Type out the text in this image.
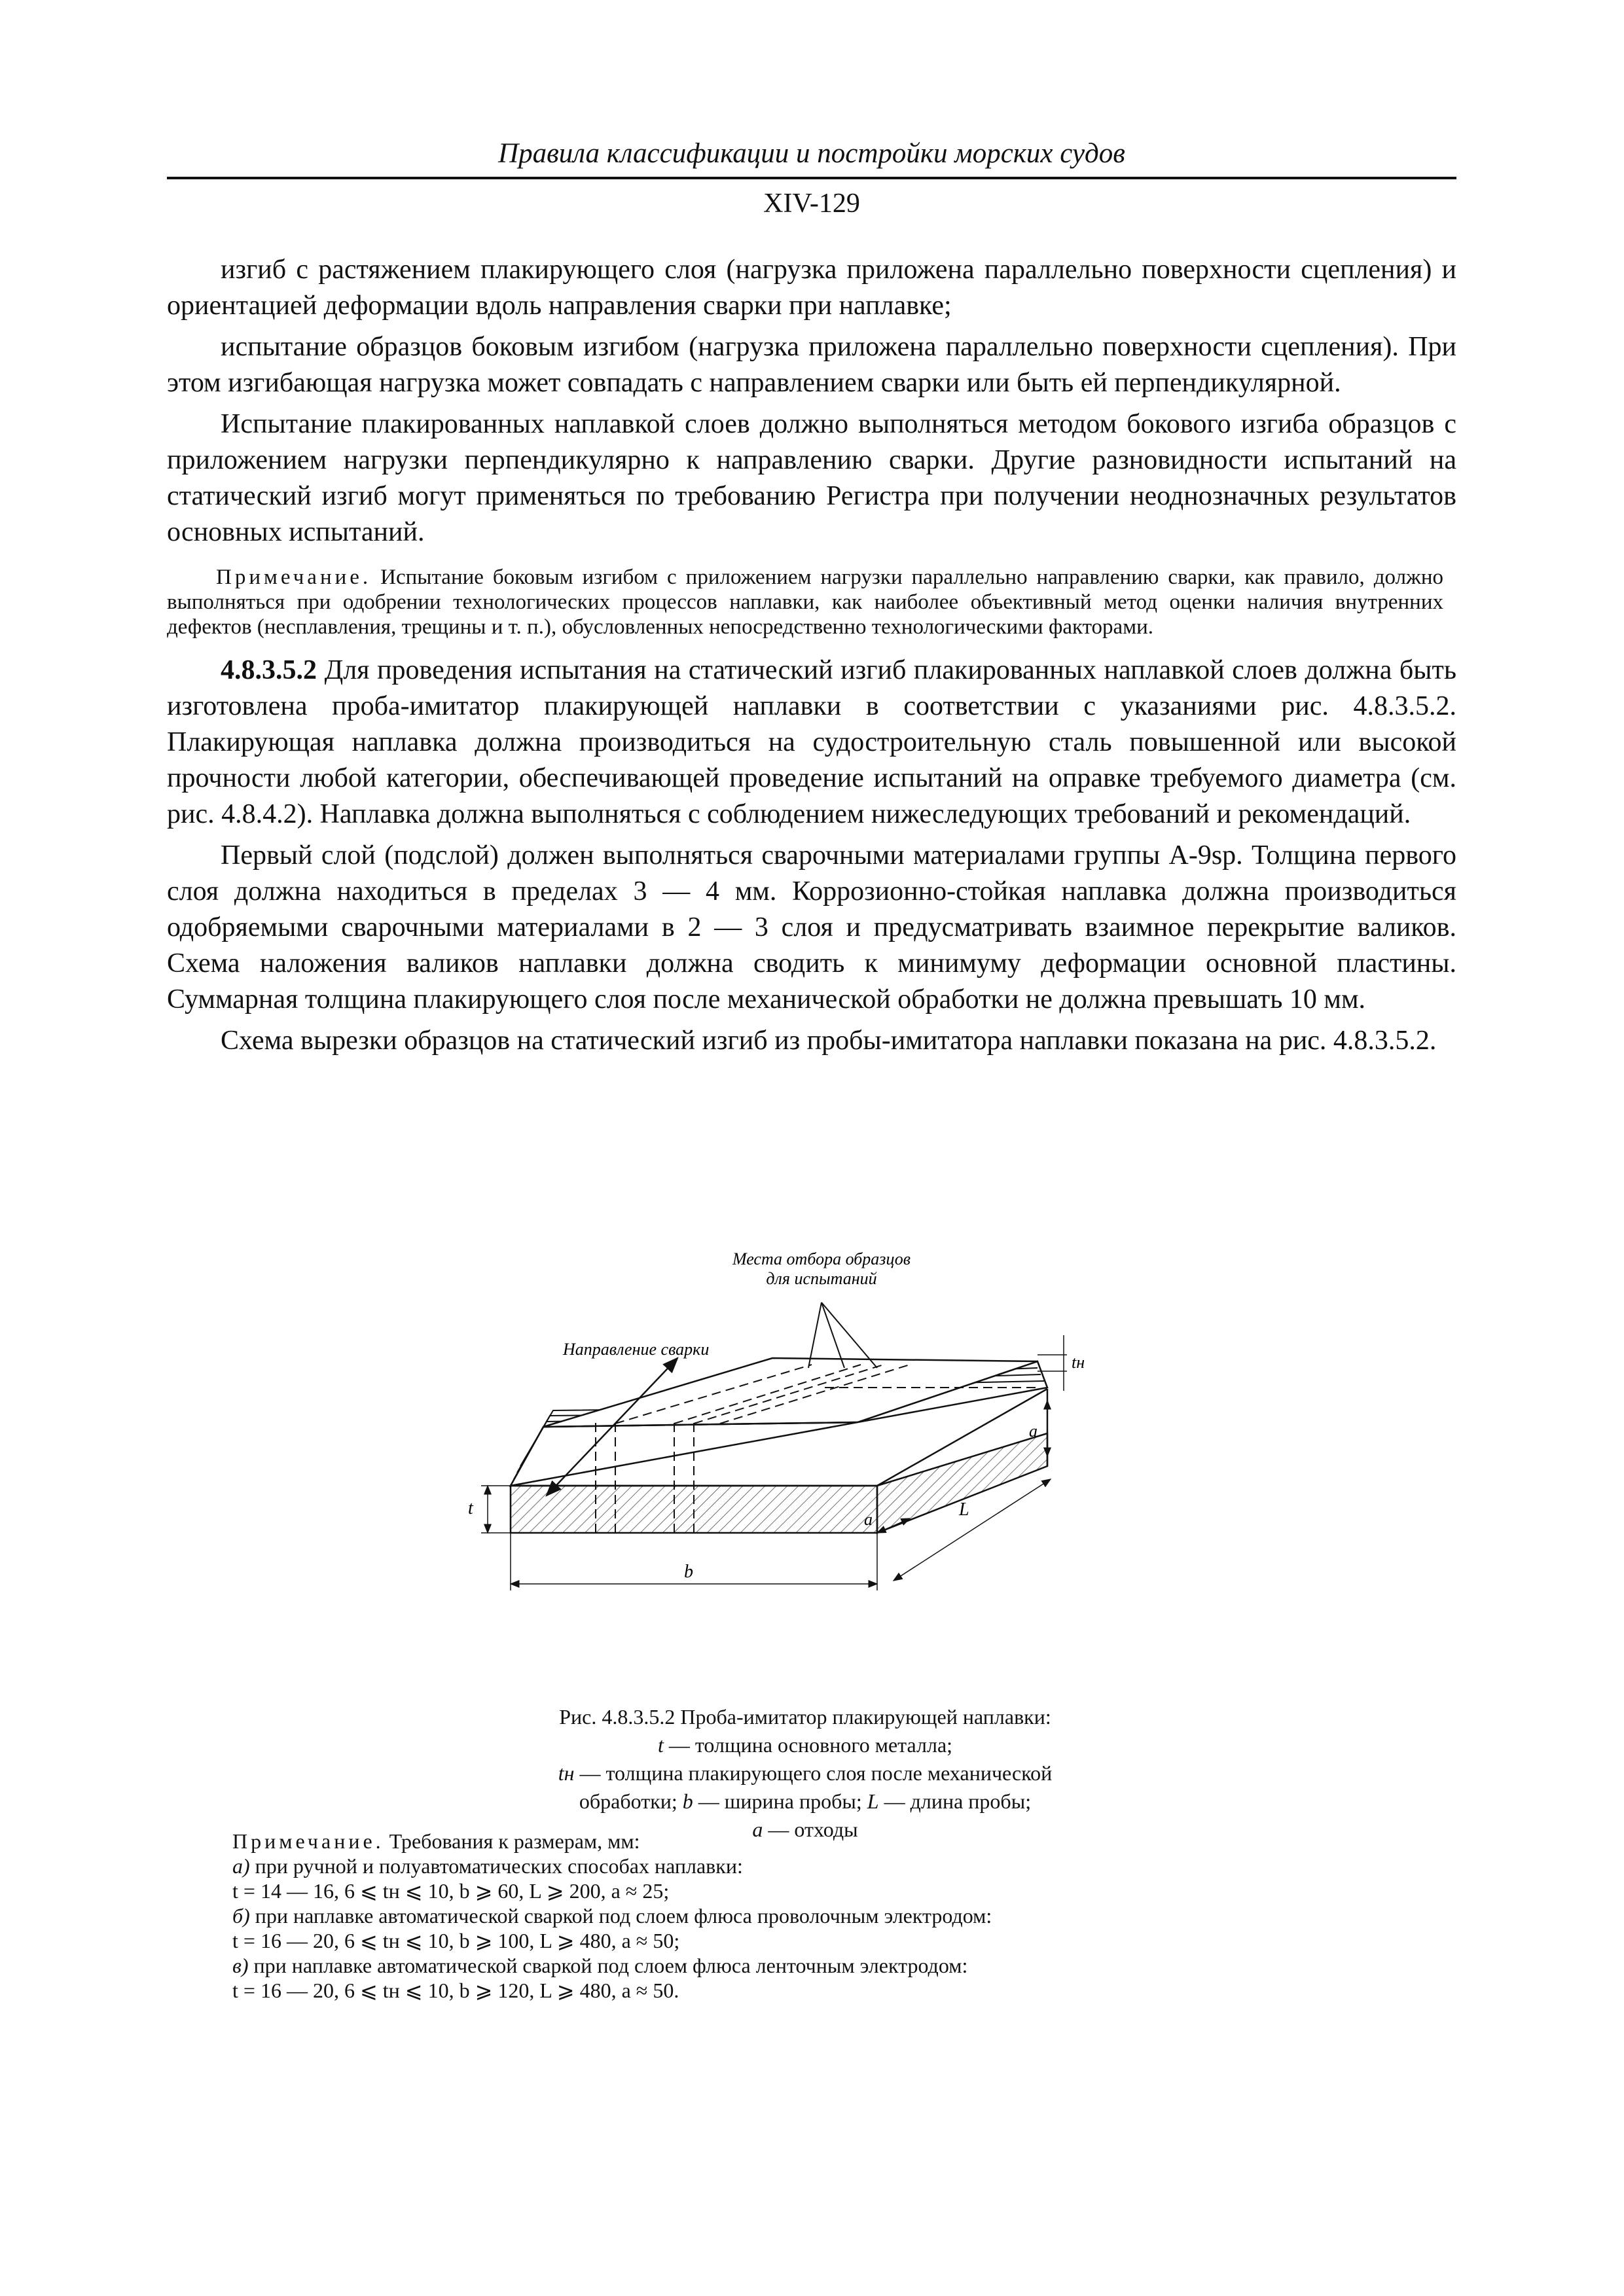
Правила классификации и постройки морских судов
XIV-129

изгиб с растяжением плакирующего слоя (нагрузка приложена параллельно поверхности сцепления) и ориентацией деформации вдоль направления сварки при наплавке;

испытание образцов боковым изгибом (нагрузка приложена параллельно поверхности сцепления). При этом изгибающая нагрузка может совпадать с направлением сварки или быть ей перпендикулярной.

Испытание плакированных наплавкой слоев должно выполняться методом бокового изгиба образцов с приложением нагрузки перпендикулярно к направлению сварки. Другие разновидности испытаний на статический изгиб могут применяться по требованию Регистра при получении неоднозначных результатов основных испытаний.

Примечание. Испытание боковым изгибом с приложением нагрузки параллельно направлению сварки, как правило, должно выполняться при одобрении технологических процессов наплавки, как наиболее объективный метод оценки наличия внутренних дефектов (несплавления, трещины и т. п.), обусловленных непосредственно технологическими факторами.

4.8.3.5.2 Для проведения испытания на статический изгиб плакированных наплавкой слоев должна быть изготовлена проба-имитатор плакирующей наплавки в соответствии с указаниями рис. 4.8.3.5.2. Плакирующая наплавка должна производиться на судостроительную сталь повышенной или высокой прочности любой категории, обеспечивающей проведение испытаний на оправке требуемого диаметра (см. рис. 4.8.4.2). Наплавка должна выполняться с соблюдением нижеследующих требований и рекомендаций.

Первый слой (подслой) должен выполняться сварочными материалами группы А-9sp. Толщина первого слоя должна находиться в пределах 3 — 4 мм. Коррозионно-стойкая наплавка должна производиться одобряемыми сварочными материалами в 2 — 3 слоя и предусматривать взаимное перекрытие валиков. Схема наложения валиков наплавки должна сводить к минимуму деформации основной пластины. Суммарная толщина плакирующего слоя после механической обработки не должна превышать 10 мм.

Схема вырезки образцов на статический изгиб из пробы-имитатора наплавки показана на рис. 4.8.3.5.2.

Места отбора образцов
для испытаний
Направление сварки
tн
a
L
t
a
b
Рис. 4.8.3.5.2 Проба-имитатор плакирующей наплавки:
t — толщина основного металла;
tн — толщина плакирующего слоя после механической
обработки; b — ширина пробы; L — длина пробы;
a — отходы
Примечание. Требования к размерам, мм:
а) при ручной и полуавтоматических способах наплавки:
t = 14 — 16, 6 ⩽ tн ⩽ 10, b ⩾ 60, L ⩾ 200, a ≈ 25;
б) при наплавке автоматической сваркой под слоем флюса проволочным электродом:
t = 16 — 20, 6 ⩽ tн ⩽ 10, b ⩾ 100, L ⩾ 480, a ≈ 50;
в) при наплавке автоматической сваркой под слоем флюса ленточным электродом:
t = 16 — 20, 6 ⩽ tн ⩽ 10, b ⩾ 120, L ⩾ 480, a ≈ 50.
